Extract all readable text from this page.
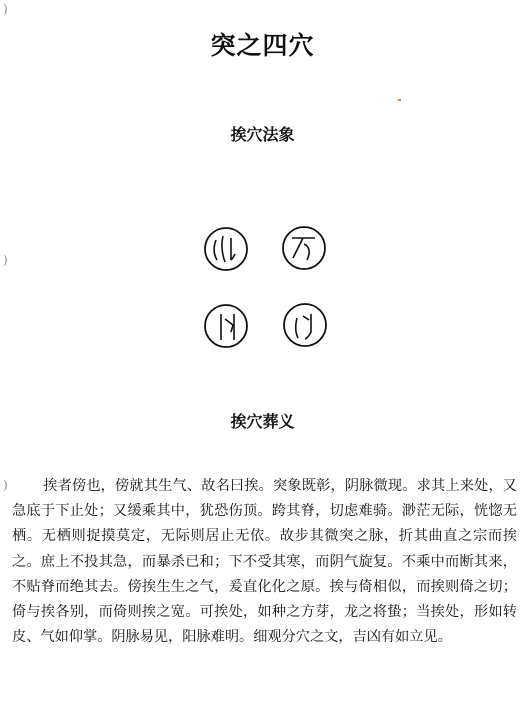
突之四穴
)
)
)
挨穴法象
挨穴葬义

挨者傍也，傍就其生气、故名曰挨。突象既彰，阴脉微现。求其上来处，又急底于下止处；又缓乘其中，犹恐伤顶。跨其脊，切虑难骑。渺茫无际，恍惚无栖。无栖则捉摸莫定，无际则居止无依。故步其微突之脉，折其曲直之宗而挨之。庶上不投其急，而暴杀已和；下不受其寒，而阴气旋复。不乘中而断其来，不贴脊而绝其去。傍挨生生之气，爰直化化之原。挨与倚相似，而挨则倚之切；倚与挨各别，而倚则挨之宽。可挨处，如种之方芽，龙之将蛰；当挨处，形如转皮、气如仰掌。阴脉易见，阳脉难明。细观分穴之文，吉凶有如立见。
